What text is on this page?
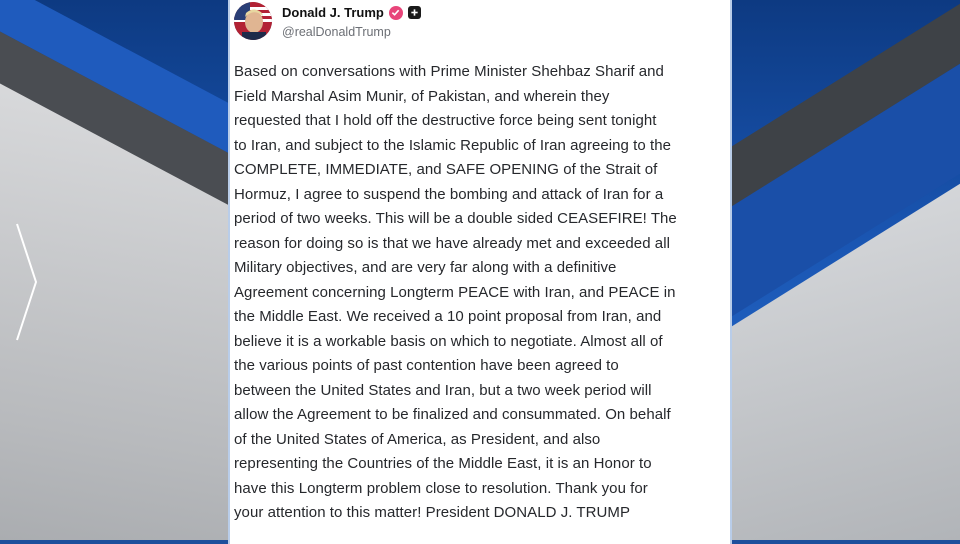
Donald J. Trump
@realDonaldTrump
Based on conversations with Prime Minister Shehbaz Sharif and
Field Marshal Asim Munir, of Pakistan, and wherein they
requested that I hold off the destructive force being sent tonight
to Iran, and subject to the Islamic Republic of Iran agreeing to the
COMPLETE, IMMEDIATE, and SAFE OPENING of the Strait of
Hormuz, I agree to suspend the bombing and attack of Iran for a
period of two weeks. This will be a double sided CEASEFIRE! The
reason for doing so is that we have already met and exceeded all
Military objectives, and are very far along with a definitive
Agreement concerning Longterm PEACE with Iran, and PEACE in
the Middle East. We received a 10 point proposal from Iran, and
believe it is a workable basis on which to negotiate. Almost all of
the various points of past contention have been agreed to
between the United States and Iran, but a two week period will
allow the Agreement to be finalized and consummated. On behalf
of the United States of America, as President, and also
representing the Countries of the Middle East, it is an Honor to
have this Longterm problem close to resolution. Thank you for
your attention to this matter! President DONALD J. TRUMP
